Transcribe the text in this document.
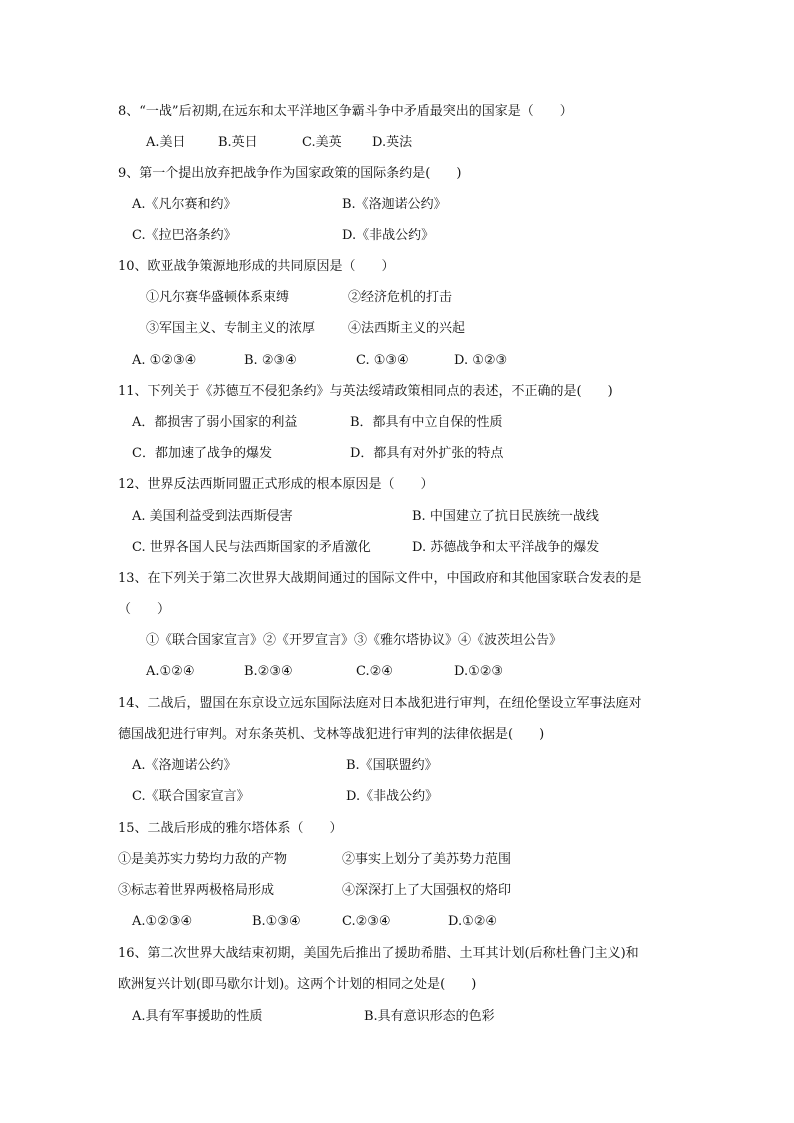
8、“一战”后初期,在远东和太平洋地区争霸斗争中矛盾最突出的国家是（　　）
A.美日 B.英日	C.美英 D.英法
9、第一个提出放弃把战争作为国家政策的国际条约是(　　)
A.《凡尔赛和约》	B.《洛迦诺公约》
C.《拉巴洛条约》	D.《非战公约》
10、欧亚战争策源地形成的共同原因是（　　）
①凡尔赛华盛顿体系束缚	②经济危机的打击
③军国主义、专制主义的浓厚	④法西斯主义的兴起
A. ①②③④	B. ②③④	C. ①③④	D. ①②③
11、下列关于《苏德互不侵犯条约》与英法绥靖政策相同点的表述，不正确的是(　　)
A．都损害了弱小国家的利益	B．都具有中立自保的性质
C．都加速了战争的爆发	D．都具有对外扩张的特点
12、世界反法西斯同盟正式形成的根本原因是（　　）
A. 美国利益受到法西斯侵害	B. 中国建立了抗日民族统一战线
C. 世界各国人民与法西斯国家的矛盾激化	D. 苏德战争和太平洋战争的爆发
13、在下列关于第二次世界大战期间通过的国际文件中，中国政府和其他国家联合发表的是
（　　）
①《联合国家宣言》②《开罗宣言》③《雅尔塔协议》④《波茨坦公告》
A.①②④	B.②③④	C.②④	D.①②③
14、二战后，盟国在东京设立远东国际法庭对日本战犯进行审判，在纽伦堡设立军事法庭对
德国战犯进行审判。对东条英机、戈林等战犯进行审判的法律依据是(　　)
A.《洛迦诺公约》	B.《国联盟约》
C.《联合国家宣言》	D.《非战公约》
15、二战后形成的雅尔塔体系（　　）
①是美苏实力势均力敌的产物	②事实上划分了美苏势力范围
③标志着世界两极格局形成	④深深打上了大国强权的烙印
A.①②③④	B.①③④	C.②③④	D.①②④
16、第二次世界大战结束初期，美国先后推出了援助希腊、土耳其计划(后称杜鲁门主义)和
欧洲复兴计划(即马歇尔计划)。这两个计划的相同之处是(　　)
A.具有军事援助的性质	B.具有意识形态的色彩
